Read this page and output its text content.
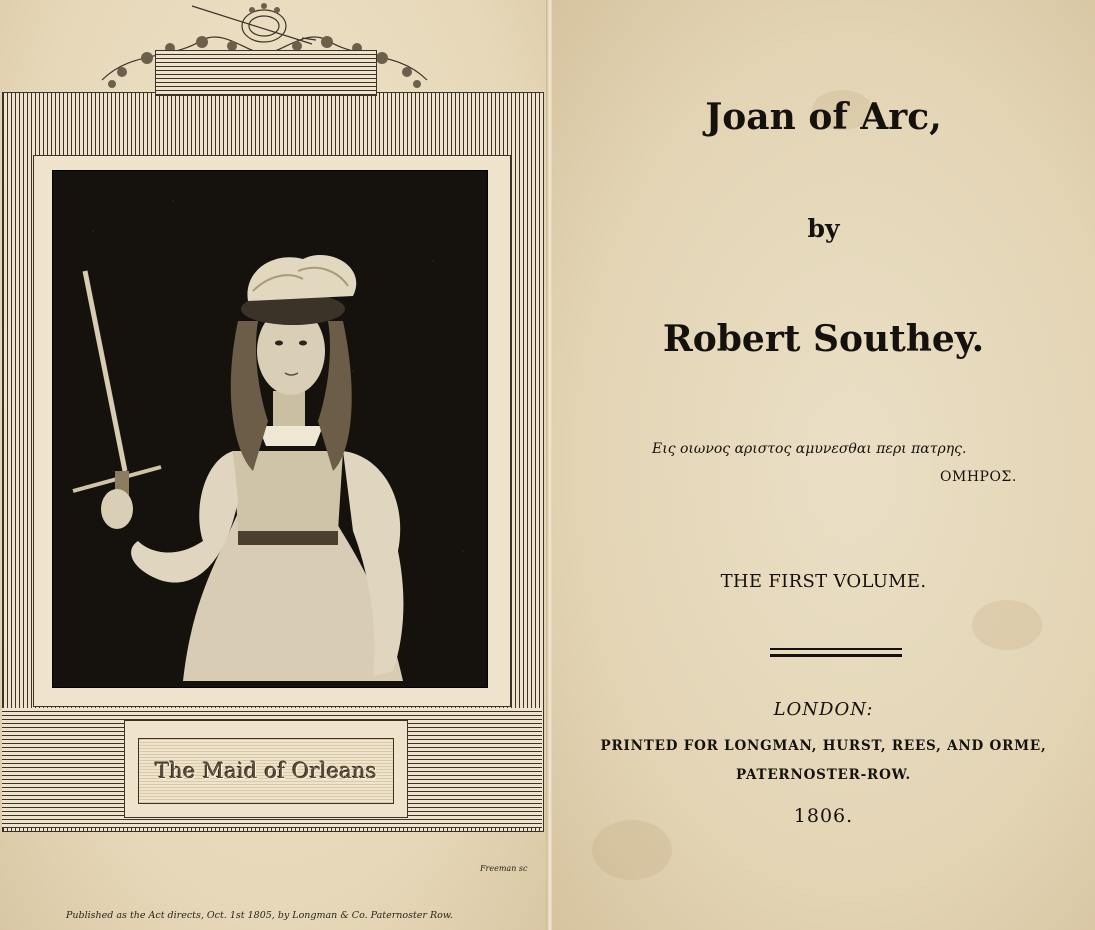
The Maid of Orleans
Freeman sc
Published as the Act directs, Oct. 1st 1805, by Longman & Co. Paternoster Row.
Joan of Arc,
by
Robert Southey.
Εις οιωνος αριστος αμυνεσθαι περι πατρης.
ΟΜΗΡΟΣ.
THE FIRST VOLUME.
LONDON:
PRINTED FOR LONGMAN, HURST, REES, AND ORME,
PATERNOSTER-ROW.
1806.
